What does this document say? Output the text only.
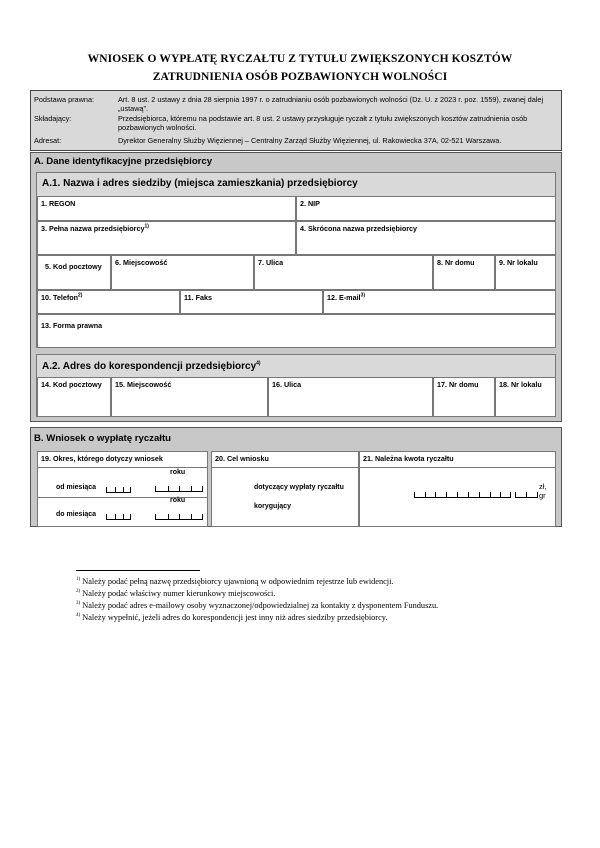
WNIOSEK O WYPŁATĘ RYCZAŁTU Z TYTUŁU ZWIĘKSZONYCH KOSZTÓW
ZATRUDNIENIA OSÓB POZBAWIONYCH WOLNOŚCI
Podstawa prawna:	Art. 8 ust. 2 ustawy z dnia 28 sierpnia 1997 r. o zatrudnianiu osób pozbawionych wolności (Dz. U. z 2023 r. poz. 1559), zwanej dalej „ustawą”.
Składający:	Przedsiębiorca, któremu na podstawie art. 8 ust. 2 ustawy przysługuje ryczałt z tytułu zwiększonych kosztów zatrudnienia osób pozbawionych wolności.
Adresat:	Dyrektor Generalny Służby Więziennej – Centralny Zarząd Służby Więziennej, ul. Rakowiecka 37A, 02-521 Warszawa.
A. Dane identyfikacyjne przedsiębiorcy
A.1. Nazwa i adres siedziby (miejsca zamieszkania) przedsiębiorcy
1. REGON	2. NIP
3. Pełna nazwa przedsiębiorcy$^{1)}$	4. Skrócona nazwa przedsiębiorcy
5. Kod pocztowy	6. Miejscowość	7. Ulica	8. Nr domu	9. Nr lokalu
10. Telefon$^{2)}$	11. Faks	12. E-mail$^{3)}$
13. Forma prawna
A.2. Adres do korespondencji przedsiębiorcy$^{4)}$
14. Kod pocztowy	15. Miejscowość	16. Ulica	17. Nr domu	18. Nr lokalu
B. Wniosek o wypłatę ryczałtu
19. Okres, którego dotyczy wniosek
od miesiąca
roku
do miesiąca
roku
20. Cel wniosku
dotyczący wypłaty ryczałtu
korygujący
21. Należna kwota ryczałtu
zł,
gr
$^{1)}$ Należy podać pełną nazwę przedsiębiorcy ujawnioną w odpowiednim rejestrze lub ewidencji.
$^{2)}$ Należy podać właściwy numer kierunkowy miejscowości.
$^{3)}$ Należy podać adres e-mailowy osoby wyznaczonej/odpowiedzialnej za kontakty z dysponentem Funduszu.
$^{4)}$ Należy wypełnić, jeżeli adres do korespondencji jest inny niż adres siedziby przedsiębiorcy.
